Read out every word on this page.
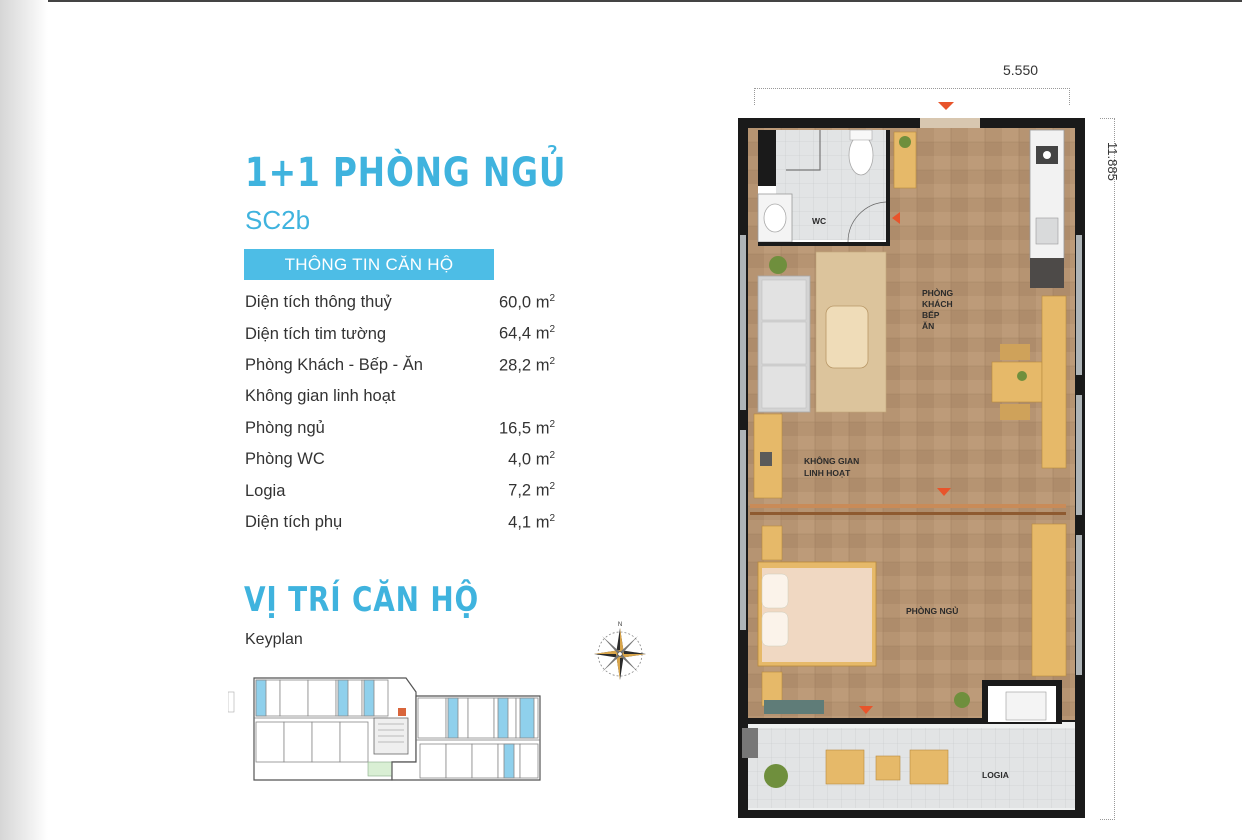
1+1 PHÒNG NGỦ
SC2b
THÔNG TIN CĂN HỘ
Diện tích thông thuỷ	60,0 $m^2$
Diện tích tim tường	64,4 $m^2$
Phòng Khách - Bếp - Ăn	28,2 $m^2$
Không gian linh hoạt	
Phòng ngủ	16,5 $m^2$
Phòng WC	4,0 $m^2$
Logia	7,2 $m^2$
Diện tích phụ	4,1 $m^2$
VỊ TRÍ CĂN HỘ
Keyplan
N
5.550
11.885
WC
PHÒNG
KHÁCH
BẾP
ĂN
KHÔNG GIAN
LINH HOẠT
PHÒNG NGỦ
LOGIA
